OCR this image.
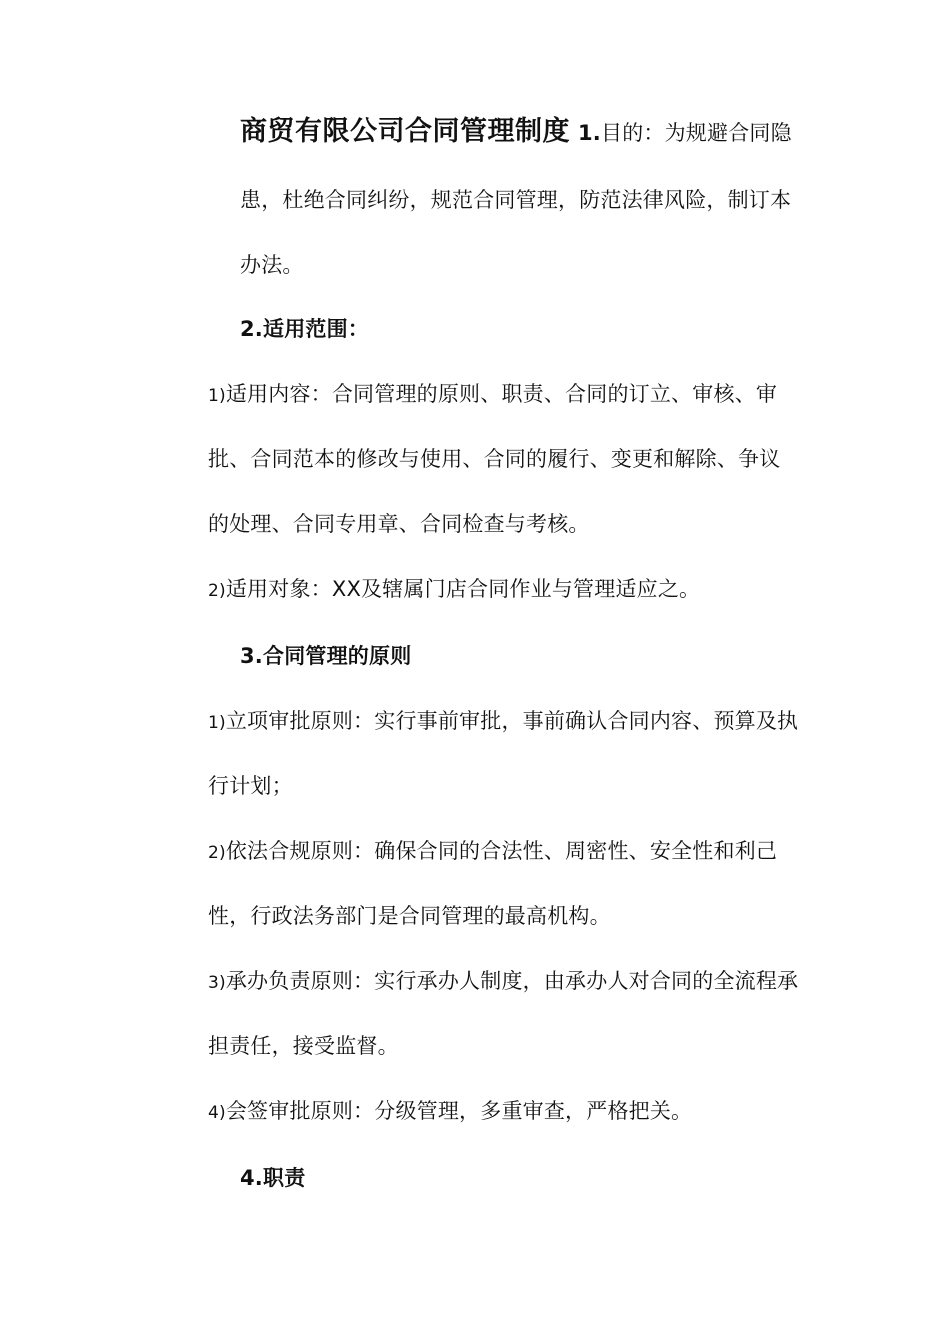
商贸有限公司合同管理制度 1.目的：为规避合同隐
患，杜绝合同纠纷，规范合同管理，防范法律风险，制订本
办法。
2.适用范围：
1)适用内容：合同管理的原则、职责、合同的订立、审核、审
批、合同范本的修改与使用、合同的履行、变更和解除、争议
的处理、合同专用章、合同检查与考核。
2)适用对象：XX及辖属门店合同作业与管理适应之。
3.合同管理的原则
1)立项审批原则：实行事前审批，事前确认合同内容、预算及执
行计划；
2)依法合规原则：确保合同的合法性、周密性、安全性和利己
性，行政法务部门是合同管理的最高机构。
3)承办负责原则：实行承办人制度，由承办人对合同的全流程承
担责任，接受监督。
4)会签审批原则：分级管理，多重审查，严格把关。
4.职责
